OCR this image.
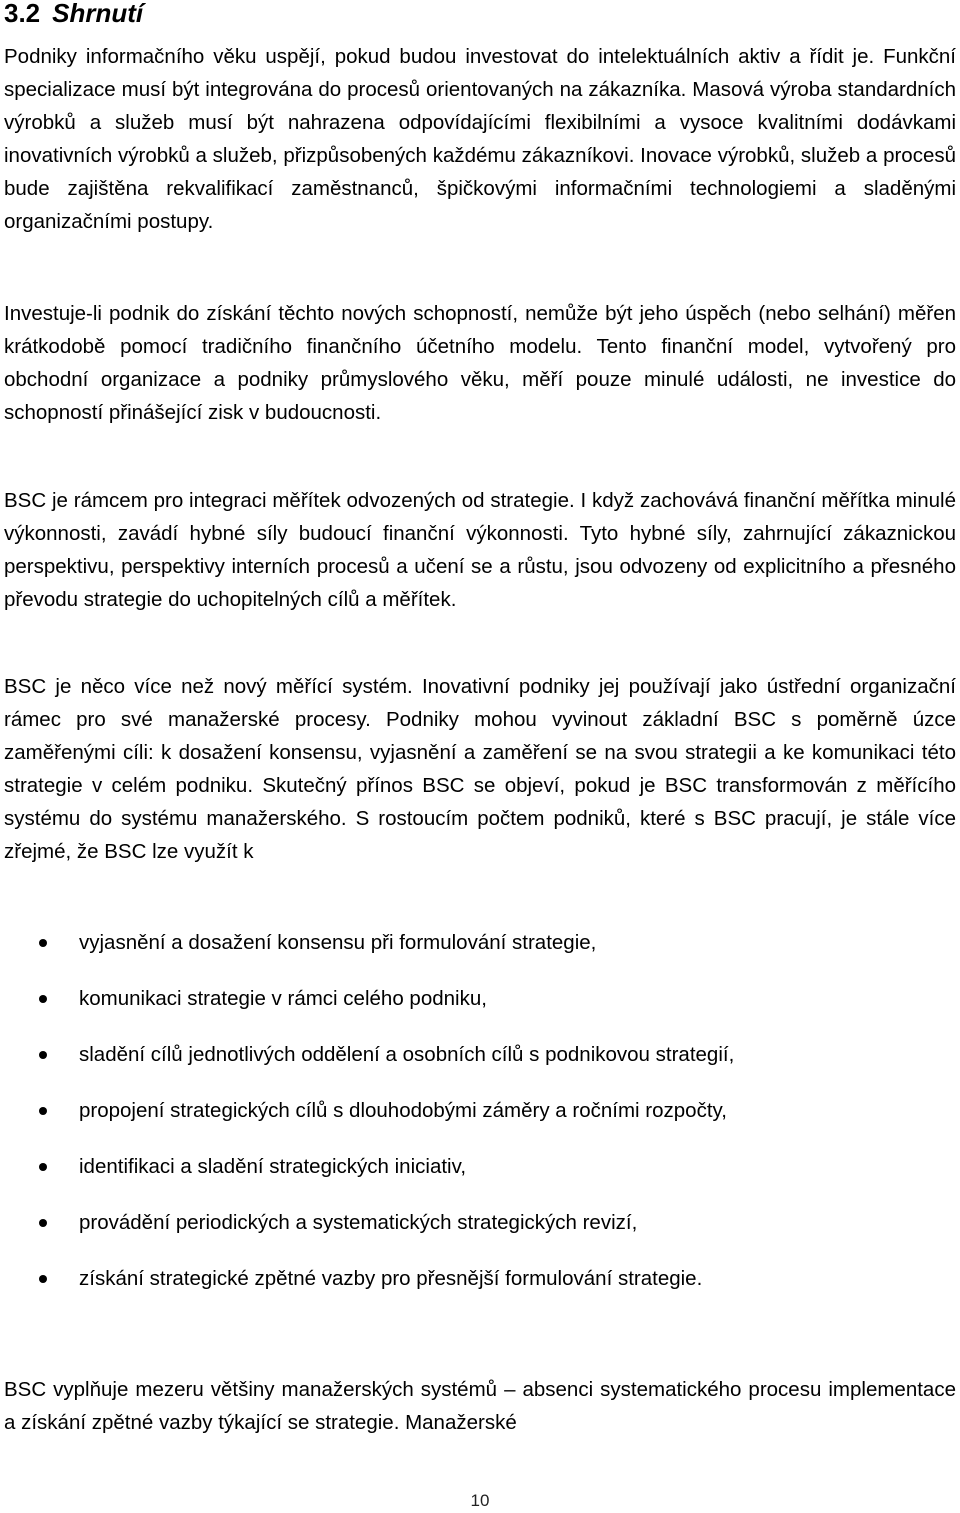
3.2 Shrnutí

Podniky informačního věku uspějí, pokud budou investovat do intelektuálních aktiv a řídit je. Funkční specializace musí být integrována do procesů orientovaných na zákazníka. Masová výroba standardních výrobků a služeb musí být nahrazena odpovídajícími flexibilními a vysoce kvalitními dodávkami inovativních výrobků a služeb, přizpůsobených každému zákazníkovi. Inovace výrobků, služeb a procesů bude zajištěna rekvalifikací zaměstnanců, špičkovými informačními technologiemi a sladěnými organizačními postupy.

Investuje-li podnik do získání těchto nových schopností, nemůže být jeho úspěch (nebo selhání) měřen krátkodobě pomocí tradičního finančního účetního modelu. Tento finanční model, vytvořený pro obchodní organizace a podniky průmyslového věku, měří pouze minulé události, ne investice do schopností přinášející zisk v budoucnosti.

BSC je rámcem pro integraci měřítek odvozených od strategie. I když zachovává finanční měřítka minulé výkonnosti, zavádí hybné síly budoucí finanční výkonnosti. Tyto hybné síly, zahrnující zákaznickou perspektivu, perspektivy interních procesů a učení se a růstu, jsou odvozeny od explicitního a přesného převodu strategie do uchopitelných cílů a měřítek.

BSC je něco více než nový měřící systém. Inovativní podniky jej používají jako ústřední organizační rámec pro své manažerské procesy. Podniky mohou vyvinout základní BSC s poměrně úzce zaměřenými cíli: k dosažení konsensu, vyjasnění a zaměření se na svou strategii a ke komunikaci této strategie v celém podniku. Skutečný přínos BSC se objeví, pokud je BSC transformován z měřícího systému do systému manažerského. S rostoucím počtem podniků, které s BSC pracují, je stále více zřejmé, že BSC lze využít k

vyjasnění a dosažení konsensu při formulování strategie,
komunikaci strategie v rámci celého podniku,
sladění cílů jednotlivých oddělení a osobních cílů s podnikovou strategií,
propojení strategických cílů s dlouhodobými záměry a ročními rozpočty,
identifikaci a sladění strategických iniciativ,
provádění periodických a systematických strategických revizí,
získání strategické zpětné vazby pro přesnější formulování strategie.

BSC vyplňuje mezeru většiny manažerských systémů – absenci systematického procesu implementace a získání zpětné vazby týkající se strategie. Manažerské

10
